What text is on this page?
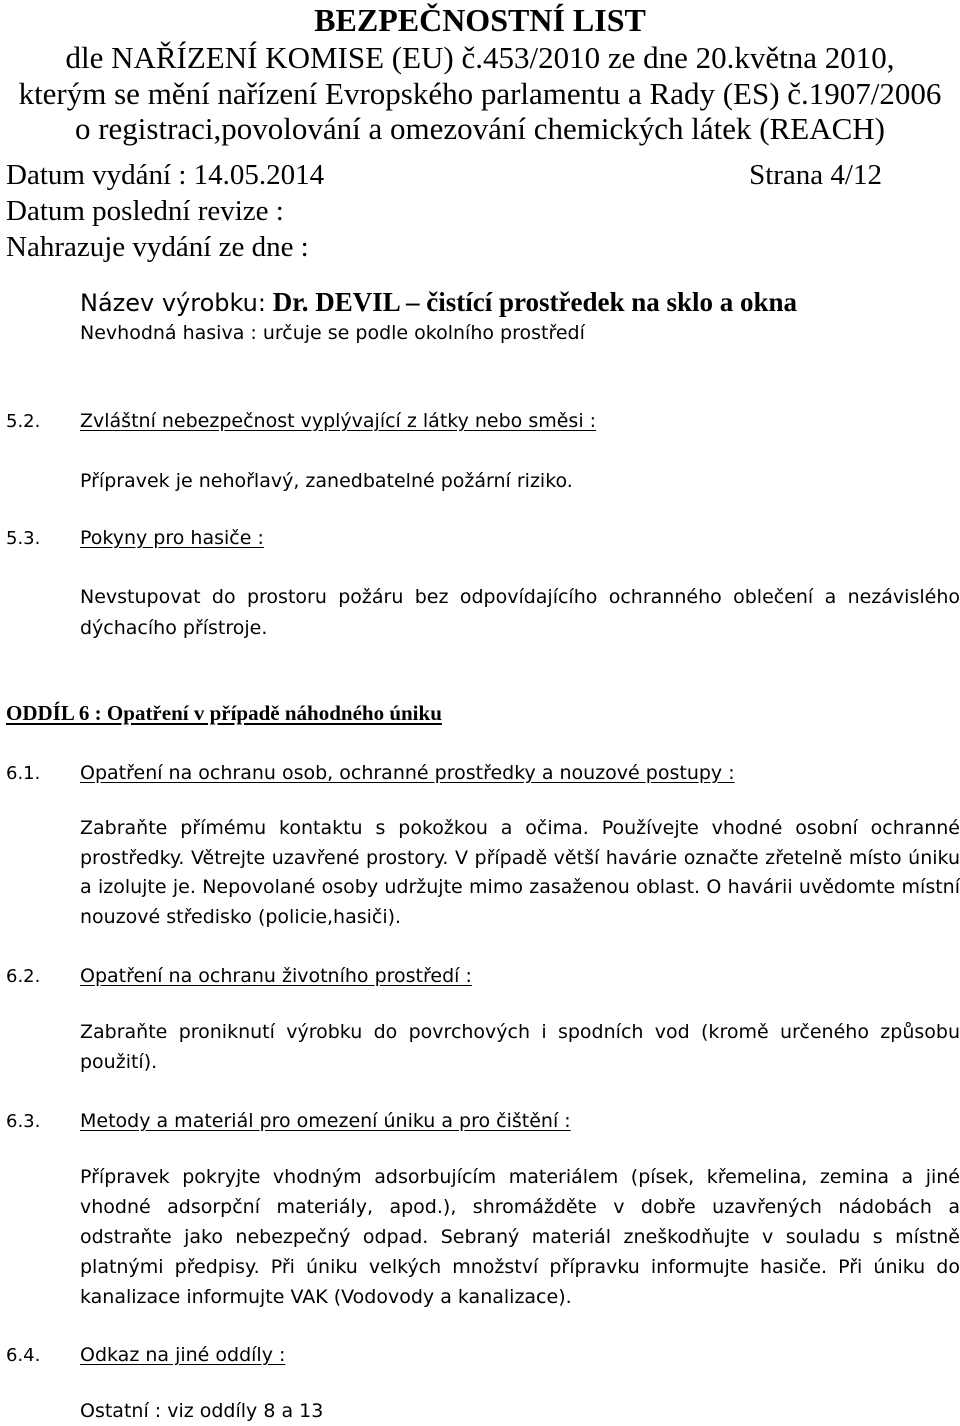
BEZPEČNOSTNÍ LIST
dle NAŘÍZENÍ KOMISE (EU) č.453/2010 ze dne 20.května 2010,
kterým se mění nařízení Evropského parlamentu a Rady (ES) č.1907/2006
o registraci,povolování a omezování chemických látek (REACH)
Datum vydání : 14.05.2014	Strana 4/12
Datum poslední revize :
Nahrazuje vydání ze dne :
Název výrobku: Dr. DEVIL – čistící prostředek na sklo a okna
Nevhodná hasiva : určuje se podle okolního prostředí
5.2. Zvláštní nebezpečnost vyplývající z látky nebo směsi :
Přípravek je nehořlavý, zanedbatelné požární riziko.
5.3. Pokyny pro hasiče :

Nevstupovat do prostoru požáru bez odpovídajícího ochranného oblečení a nezávislého dýchacího přístroje.

ODDÍL 6 : Opatření v případě náhodného úniku
6.1. Opatření na ochranu osob, ochranné prostředky a nouzové postupy :

Zabraňte přímému kontaktu s pokožkou a očima. Používejte vhodné osobní ochranné prostředky. Větrejte uzavřené prostory. V případě větší havárie označte zřetelně místo úniku a izolujte je. Nepovolané osoby udržujte mimo zasaženou oblast. O havárii uvědomte místní nouzové středisko (policie,hasiči).

6.2. Opatření na ochranu životního prostředí :

Zabraňte proniknutí výrobku do povrchových i spodních vod (kromě určeného způsobu použití).

6.3. Metody a materiál pro omezení úniku a pro čištění :

Přípravek pokryjte vhodným adsorbujícím materiálem (písek, křemelina, zemina a jiné vhodné adsorpční materiály, apod.), shromážděte v dobře uzavřených nádobách a odstraňte jako nebezpečný odpad. Sebraný materiál zneškodňujte v souladu s místně platnými předpisy. Při úniku velkých množství přípravku informujte hasiče. Při úniku do kanalizace informujte VAK (Vodovody a kanalizace).

6.4. Odkaz na jiné oddíly :
Ostatní : viz oddíly 8 a 13
